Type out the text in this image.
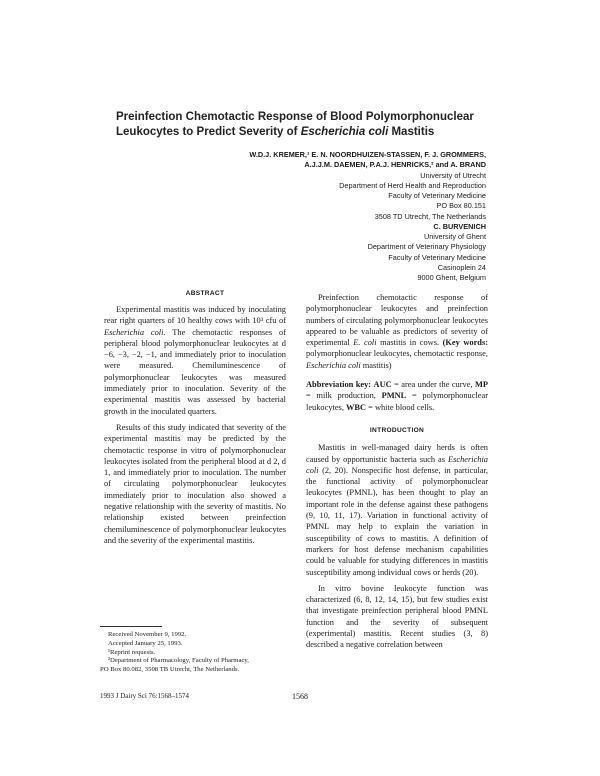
Preinfection Chemotactic Response of Blood Polymorphonuclear
Leukocytes to Predict Severity of Escherichia coli Mastitis
W.D.J. KREMER,¹ E. N. NOORDHUIZEN-STASSEN, F. J. GROMMERS,
A.J.J.M. DAEMEN, P.A.J. HENRICKS,² and A. BRAND
University of Utrecht
Department of Herd Health and Reproduction
Faculty of Veterinary Medicine
PO Box 80.151
3508 TD Utrecht, The Netherlands
C. BURVENICH
University of Ghent
Department of Veterinary Physiology
Faculty of Veterinary Medicine
Casinoplein 24
9000 Ghent, Belgium
ABSTRACT

Experimental mastitis was induced by inoculating rear right quarters of 10 healthy cows with 10³ cfu of Escherichia coli. The chemotactic responses of peripheral blood polymorphonuclear leukocytes at d −6, −3, −2, −1, and immediately prior to inoculation were measured. Chemiluminescence of polymorphonuclear leukocytes was measured immediately prior to inoculation. Severity of the experimental mastitis was assessed by bacterial growth in the inoculated quarters.

Results of this study indicated that severity of the experimental mastitis may be predicted by the chemotactic response in vitro of polymorphonuclear leukocytes isolated from the peripheral blood at d 2, d 1, and immediately prior to inoculation. The number of circulating polymorphonuclear leukocytes immediately prior to inoculation also showed a negative relationship with the severity of mastitis. No relationship existed between preinfection chemiluminescence of polymorphonuclear leukocytes and the severity of the experimental mastitis.

Preinfection chemotactic response of polymorphonuclear leukocytes and preinfection numbers of circulating polymorphonuclear leukocytes appeared to be valuable as predictors of severity of experimental E. coli mastitis in cows. (Key words: polymorphonuclear leukocytes, chemotactic response, Escherichia coli mastitis)

Abbreviation key: AUC = area under the curve, MP = milk production, PMNL = polymorphonuclear leukocytes, WBC = white blood cells.

INTRODUCTION

Mastitis in well-managed dairy herds is often caused by opportunistic bacteria such as Escherichia coli (2, 20). Nonspecific host defense, in particular, the functional activity of polymorphonuclear leukocytes (PMNL), has been thought to play an important role in the defense against these pathogens (9, 10, 11, 17). Variation in functional activity of PMNL may help to explain the variation in susceptibility of cows to mastitis. A definition of markers for host defense mechanism capabilities could be valuable for studying differences in mastitis susceptibility among individual cows or herds (20).

In vitro bovine leukocyte function was characterized (6, 8, 12, 14, 15), but few studies exist that investigate preinfection peripheral blood PMNL function and the severity of subsequent (experimental) mastitis. Recent studies (3, 8) described a negative correlation between

Received November 9, 1992.
Accepted January 25, 1993.
¹Reprint requests.
²Department of Pharmacology, Faculty of Pharmacy,
PO Box 80.082, 3508 TB Utrecht, The Netherlands.
1993 J Dairy Sci 76:1568–1574	1568
